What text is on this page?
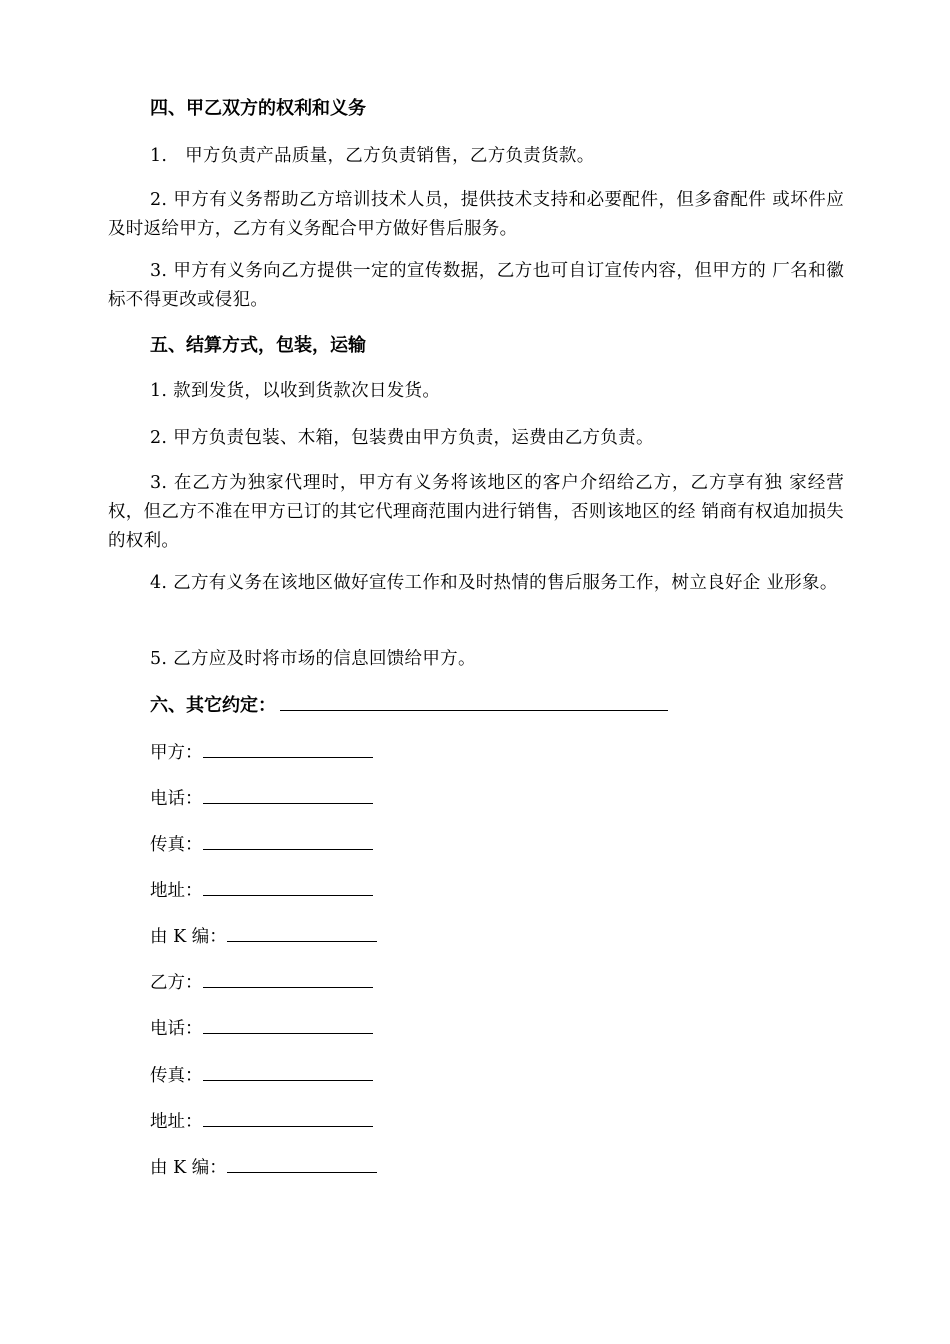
四、甲乙双方的权利和义务
1.　甲方负责产品质量，乙方负责销售，乙方负责货款。
2. 甲方有义务帮助乙方培训技术人员，提供技术支持和必要配件，但多畲配件 或坏件应及时返给甲方，乙方有义务配合甲方做好售后服务。
3. 甲方有义务向乙方提供一定的宣传数据，乙方也可自订宣传内容，但甲方的 厂名和徽标不得更改或侵犯。
五、结算方式，包装，运输
1. 款到发货，以收到货款次日发货。
2. 甲方负责包装、木箱，包装费由甲方负责，运费由乙方负责。
3. 在乙方为独家代理时，甲方有义务将该地区的客户介绍给乙方，乙方享有独 家经营权，但乙方不准在甲方已订的其它代理商范围内进行销售，否则该地区的经 销商有权追加损失的权利。
4. 乙方有义务在该地区做好宣传工作和及时热情的售后服务工作，树立良好企 业形象。
5. 乙方应及时将市场的信息回馈给甲方。
六、其它约定：
甲方：
电话：
传真：
地址：
由 K 编：
乙方：
电话：
传真：
地址：
由 K 编：
